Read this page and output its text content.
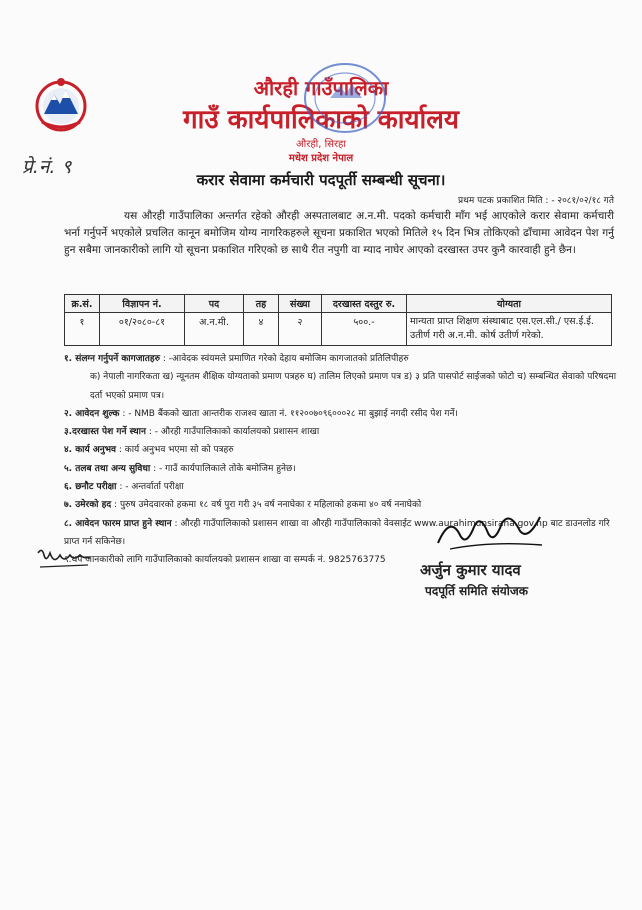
औरही गाउँपालिका
गाउँ कार्यपालिकाको कार्यालय
औरही, सिरहा
मधेश प्रदेश नेपाल
प्रे.नं. ९
करार सेवामा कर्मचारी पदपूर्ती सम्बन्धी सूचना।
प्रथम पटक प्रकाशित मिति : - २०८१/०२/१८ गते
यस औरही गाउँपालिका अन्तर्गत रहेको औरही अस्पतालबाट अ.न.मी. पदको कर्मचारी माँग भई आएकोले करार सेवामा कर्मचारी भर्ना गर्नुपर्ने भएकोले प्रचलित कानून बमोजिम योग्य नागरिकहरुले सूचना प्रकाशित भएको मितिले १५ दिन भित्र तोकिएको ढाँचामा आवेदन पेश गर्नु हुन सबैमा जानकारीको लागि यो सूचना प्रकाशित गरिएको छ साथै रीत नपुगी वा म्याद नाघेर आएको दरखास्त उपर कुनै कारवाही हुने छैन।
क्र.सं.	विज्ञापन नं.	पद	तह	संख्या	दरखास्त दस्तुर रु.	योग्यता
१	०१/२०८०-८१	अ.न.मी.	४	२	५००.-	मान्यता प्राप्त शिक्षण संस्थाबाट एस.एल.सी./ एस.ई.ई. उतीर्ण गरी अ.न.मी. कोर्ष उतीर्ण गरेको.
१. संलग्न गर्नुपर्ने कागजातहरु : -आवेदक स्वंयमले प्रमाणित गरेको देहाय बमोजिम कागजातको प्रतिलिपीहरु
क) नेपाली नागरिकता ख) न्यूनतम शैक्षिक योग्यताको प्रमाण पत्रहरु घ) तालिम लिएको प्रमाण पत्र ड) ३ प्रति पासपोर्ट साईजको फोटो च) सम्बन्धित सेवाको परिषदमा दर्ता भएको प्रमाण पत्र।
२. आवेदन शुल्क : - NMB बैंकको खाता आन्तरीक राजश्व खाता नं. ११२००७०९६०००२८ मा बुझाई नगदी रसीद पेश गर्ने।
३.दरखास्त पेश गर्ने स्थान : - औरही गाउँपालिकाको कार्यालयको प्रशासन शाखा
४. कार्य अनुभव : कार्य अनुभव भएमा सो को पत्रहरु
५. तलब तथा अन्य सुविधा : - गाउँ कार्यपालिकाले तोके बमोजिम हुनेछ।
६. छनौट परीक्षा : - अन्तर्वार्ता परीक्षा
७. उमेरको हद : पुरुष उमेदवारको हकमा १८ वर्ष पुरा गरी ३५ वर्ष ननाघेका र महिलाको हकमा ४० वर्ष ननाघेको
८. आवेदन फारम प्राप्त हुने स्थान : औरही गाउँपालिकाको प्रशासन शाखा वा औरही गाउँपालिकाको वेवसाईट www.aurahimunsiraha.gov.np बाट डाउनलोड गरि प्राप्त गर्न सकिनेछ।
९.थप जानकारीको लागि गाउँपालिकाको कार्यालयको प्रशासन शाखा वा सम्पर्क नं. 9825763775
अर्जुन कुमार यादव
पदपूर्ति समिति संयोजक
